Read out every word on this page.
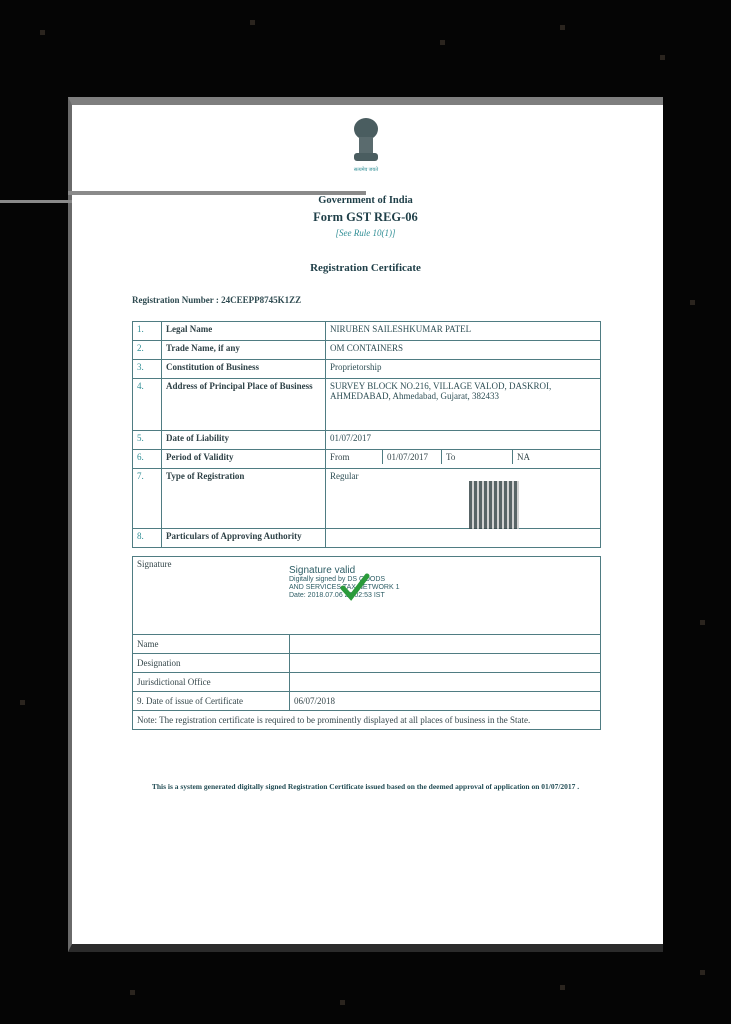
सत्यमेव जयते
Government of India
Form GST REG-06
[See Rule 10(1)]
Registration Certificate
Registration Number : 24CEEPP8745K1ZZ
1.	Legal Name	NIRUBEN SAILESHKUMAR PATEL
2.	Trade Name, if any	OM CONTAINERS
3.	Constitution of Business	Proprietorship
4.	Address of Principal Place of Business	SURVEY BLOCK NO.216, VILLAGE VALOD, DASKROI, AHMEDABAD, Ahmedabad, Gujarat, 382433
5.	Date of Liability	01/07/2017
6.	Period of Validity		From	01/07/2017	To	NA

7.	Type of Registration	Regular
8.	Particulars of Approving Authority	
Signature	
Name	
Designation	
Jurisdictional Office	
9. Date of issue of Certificate	06/07/2018
Note: The registration certificate is required to be prominently displayed at all places of business in the State.	
Signature valid
Digitally signed by DS GOODS
AND SERVICES TAX NETWORK 1
Date: 2018.07.06 20:02:53 IST
This is a system generated digitally signed Registration Certificate issued based on the deemed approval of application on 01/07/2017 .
